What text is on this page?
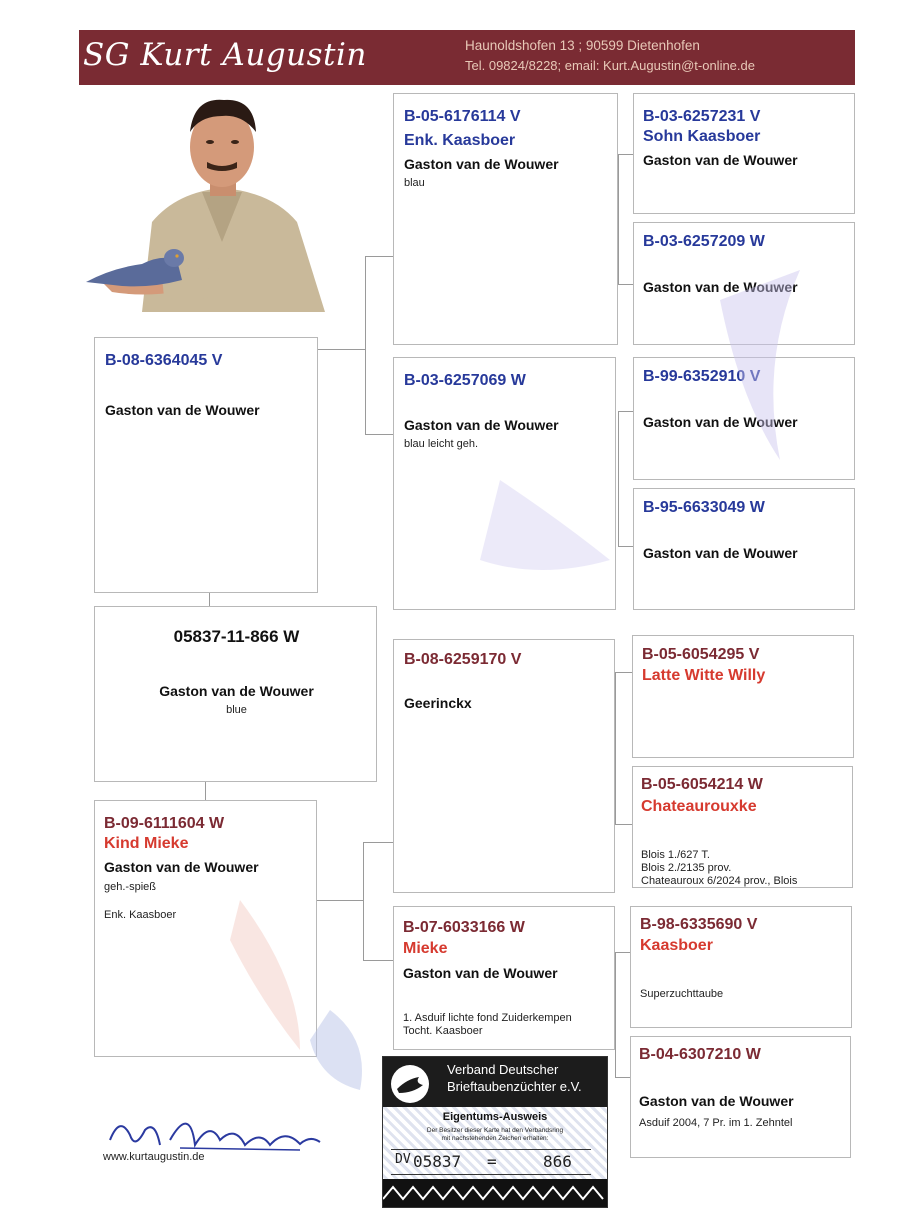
SG Kurt Augustin	Haunoldshofen 13 ; 90599 Dietenhofen
Tel. 09824/8228; email: Kurt.Augustin@t-online.de
B-08-6364045 V
Gaston van de Wouwer
05837-11-866 W
Gaston van de Wouwer
blue
B-09-6111604 W
Kind Mieke
Gaston van de Wouwer
geh.-spieß
Enk. Kaasboer
B-05-6176114 V
Enk. Kaasboer
Gaston van de Wouwer
blau
B-03-6257069 W
Gaston van de Wouwer
blau leicht geh.
B-08-6259170 V
Geerinckx
B-07-6033166 W
Mieke
Gaston van de Wouwer
1. Asduif lichte fond Zuiderkempen
Tocht. Kaasboer
B-03-6257231 V
Sohn Kaasboer
Gaston van de Wouwer
B-03-6257209 W
Gaston van de Wouwer
B-99-6352910 V
Gaston van de Wouwer
B-95-6633049 W
Gaston van de Wouwer
B-05-6054295 V
Latte Witte Willy
B-05-6054214 W
Chateaurouxke
Blois 1./627 T.
Blois 2./2135 prov.
Chateauroux 6/2024 prov., Blois
B-98-6335690 V
Kaasboer
Superzuchttaube
B-04-6307210 W
Gaston van de Wouwer
Asduif 2004, 7 Pr. im 1. Zehntel
www.kurtaugustin.de
Verband Deutscher
Brieftaubenzüchter e.V.
Eigentums-Ausweis
Der Besitzer dieser Karte hat den Verbandsring
mit nachstehenden Zeichen erhalten:
DV 05837 =	866
